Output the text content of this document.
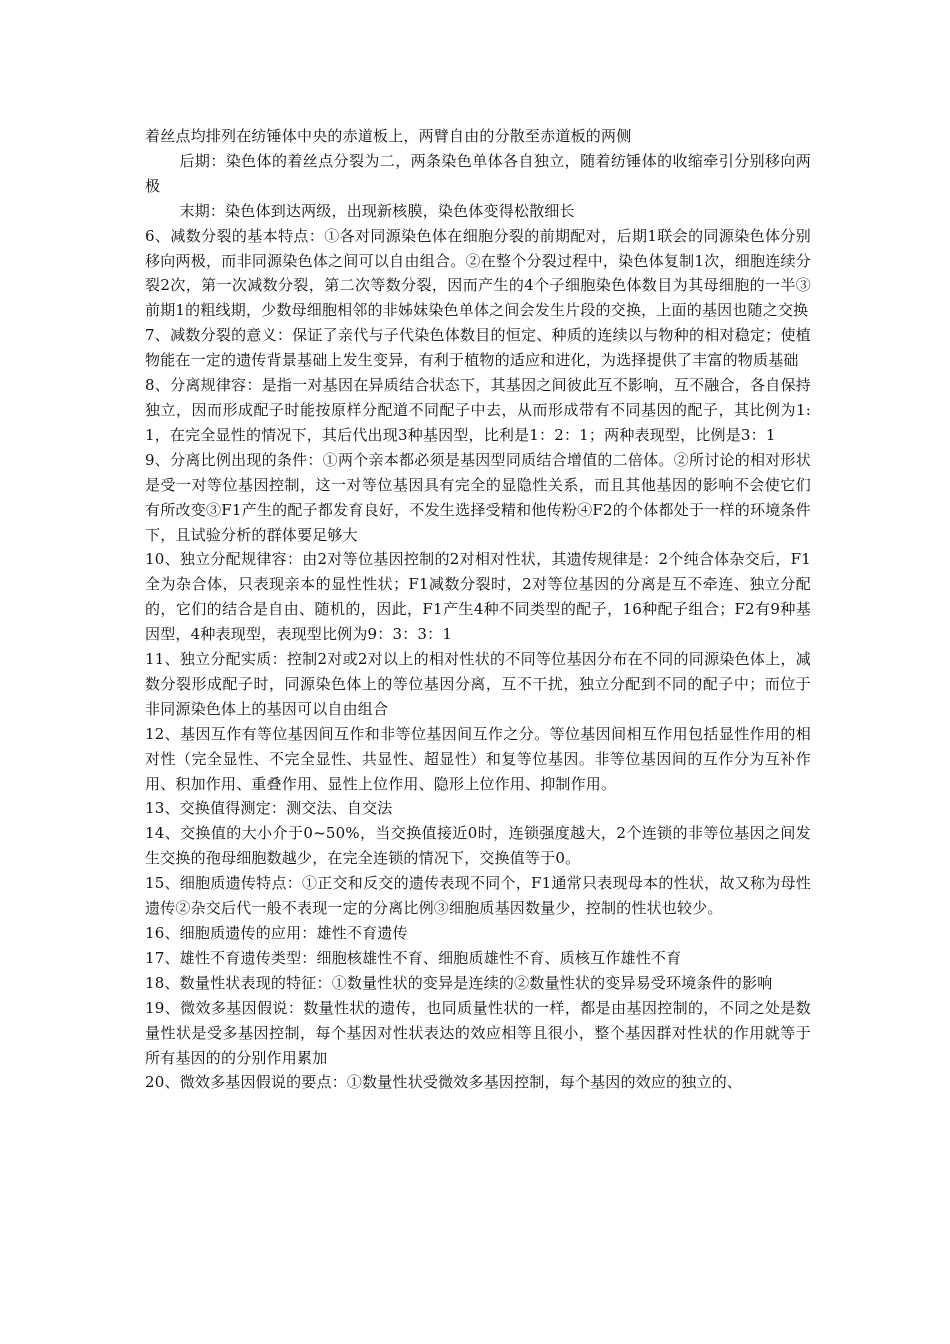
着丝点均排列在纺锤体中央的赤道板上，两臂自由的分散至赤道板的两侧

后期：染色体的着丝点分裂为二，两条染色单体各自独立，随着纺锤体的收缩牵引分别移向两极

末期：染色体到达两级，出现新核膜，染色体变得松散细长

6、减数分裂的基本特点：①各对同源染色体在细胞分裂的前期配对，后期1联会的同源染色体分别移向两极，而非同源染色体之间可以自由组合。②在整个分裂过程中，染色体复制1次，细胞连续分裂2次，第一次减数分裂，第二次等数分裂，因而产生的4个子细胞染色体数目为其母细胞的一半③前期1的粗线期，少数母细胞相邻的非姊妹染色单体之间会发生片段的交换，上面的基因也随之交换

7、减数分裂的意义：保证了亲代与子代染色体数目的恒定、种质的连续以与物种的相对稳定；使植物能在一定的遗传背景基础上发生变异，有利于植物的适应和进化，为选择提供了丰富的物质基础

8、分离规律容：是指一对基因在异质结合状态下，其基因之间彼此互不影响，互不融合，各自保持独立，因而形成配子时能按原样分配道不同配子中去，从而形成带有不同基因的配子，其比例为1:1，在完全显性的情况下，其后代出现3种基因型，比利是1：2：1；两种表现型，比例是3：1

9、分离比例出现的条件：①两个亲本都必须是基因型同质结合增值的二倍体。②所讨论的相对形状是受一对等位基因控制，这一对等位基因具有完全的显隐性关系，而且其他基因的影响不会使它们有所改变③F1产生的配子都发育良好，不发生选择受精和他传粉④F2的个体都处于一样的环境条件下，且试验分析的群体要足够大

10、独立分配规律容：由2对等位基因控制的2对相对性状，其遗传规律是：2个纯合体杂交后，F1全为杂合体，只表现亲本的显性性状；F1减数分裂时，2对等位基因的分离是互不牵连、独立分配的，它们的结合是自由、随机的，因此，F1产生4种不同类型的配子，16种配子组合；F2有9种基因型，4种表现型，表现型比例为9：3：3：1

11、独立分配实质：控制2对或2对以上的相对性状的不同等位基因分布在不同的同源染色体上，减数分裂形成配子时，同源染色体上的等位基因分离，互不干扰，独立分配到不同的配子中；而位于非同源染色体上的基因可以自由组合

12、基因互作有等位基因间互作和非等位基因间互作之分。等位基因间相互作用包括显性作用的相对性（完全显性、不完全显性、共显性、超显性）和复等位基因。非等位基因间的互作分为互补作用、积加作用、重叠作用、显性上位作用、隐形上位作用、抑制作用。

13、交换值得测定：测交法、自交法

14、交换值的大小介于0~50%，当交换值接近0时，连锁强度越大，2个连锁的非等位基因之间发生交换的孢母细胞数越少，在完全连锁的情况下，交换值等于0。

15、细胞质遗传特点：①正交和反交的遗传表现不同个，F1通常只表现母本的性状，故又称为母性遗传②杂交后代一般不表现一定的分离比例③细胞质基因数量少，控制的性状也较少。

16、细胞质遗传的应用：雄性不育遗传

17、雄性不育遗传类型：细胞核雄性不育、细胞质雄性不育、质核互作雄性不育

18、数量性状表现的特征：①数量性状的变异是连续的②数量性状的变异易受环境条件的影响

19、微效多基因假说：数量性状的遗传，也同质量性状的一样，都是由基因控制的，不同之处是数量性状是受多基因控制，每个基因对性状表达的效应相等且很小，整个基因群对性状的作用就等于所有基因的的分别作用累加

20、微效多基因假说的要点：①数量性状受微效多基因控制，每个基因的效应的独立的、
